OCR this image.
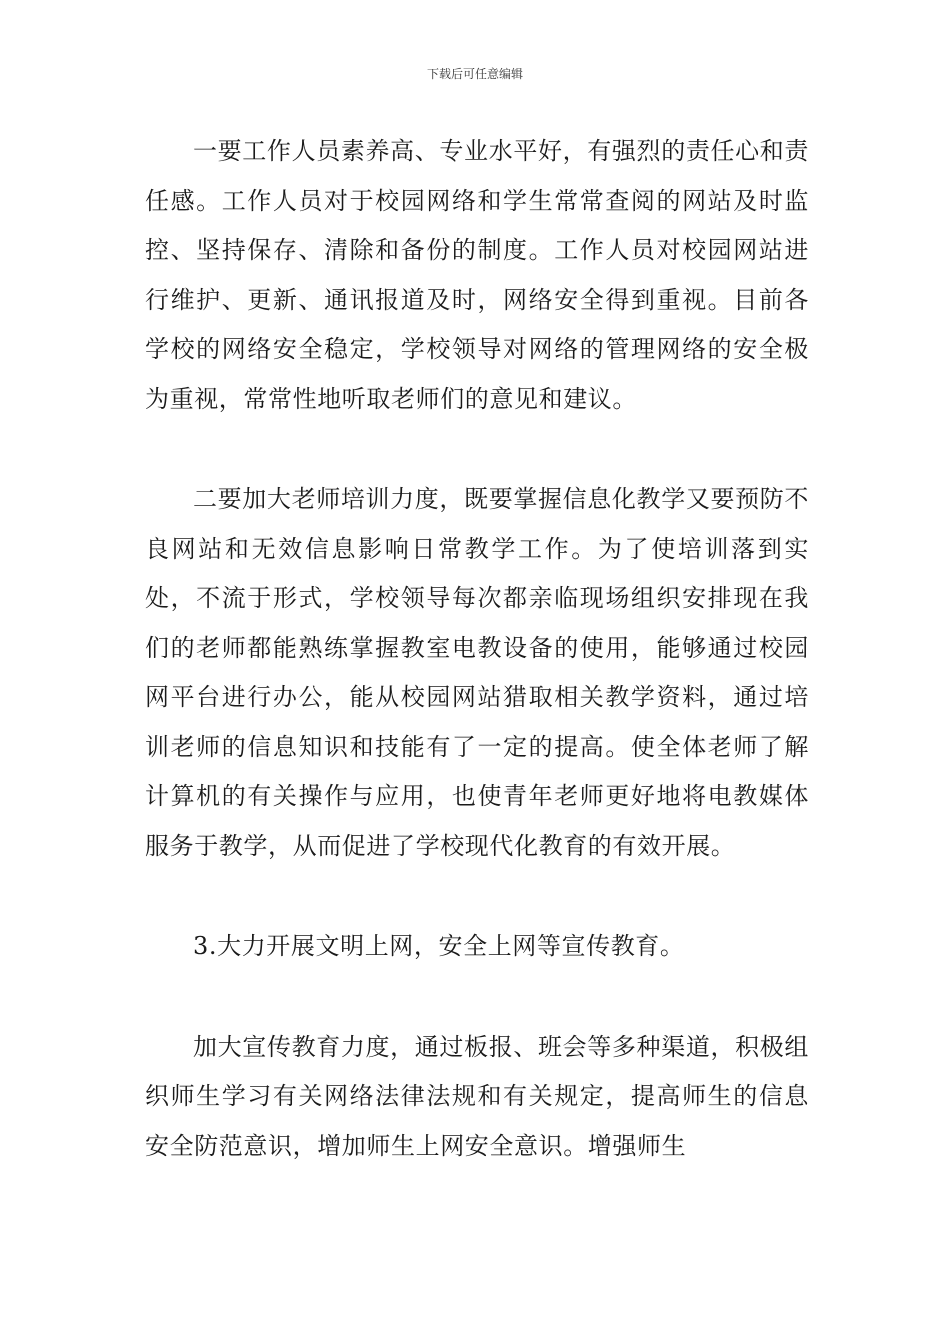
下载后可任意编辑

一要工作人员素养高、专业水平好，有强烈的责任心和责任感。工作人员对于校园网络和学生常常查阅的网站及时监控、坚持保存、清除和备份的制度。工作人员对校园网站进行维护、更新、通讯报道及时，网络安全得到重视。目前各学校的网络安全稳定，学校领导对网络的管理网络的安全极为重视，常常性地听取老师们的意见和建议。

二要加大老师培训力度，既要掌握信息化教学又要预防不良网站和无效信息影响日常教学工作。为了使培训落到实处，不流于形式，学校领导每次都亲临现场组织安排现在我们的老师都能熟练掌握教室电教设备的使用，能够通过校园网平台进行办公，能从校园网站猎取相关教学资料，通过培训老师的信息知识和技能有了一定的提高。使全体老师了解计算机的有关操作与应用，也使青年老师更好地将电教媒体服务于教学，从而促进了学校现代化教育的有效开展。

3.大力开展文明上网，安全上网等宣传教育。

加大宣传教育力度，通过板报、班会等多种渠道，积极组织师生学习有关网络法律法规和有关规定，提高师生的信息安全防范意识，增加师生上网安全意识。增强师生
